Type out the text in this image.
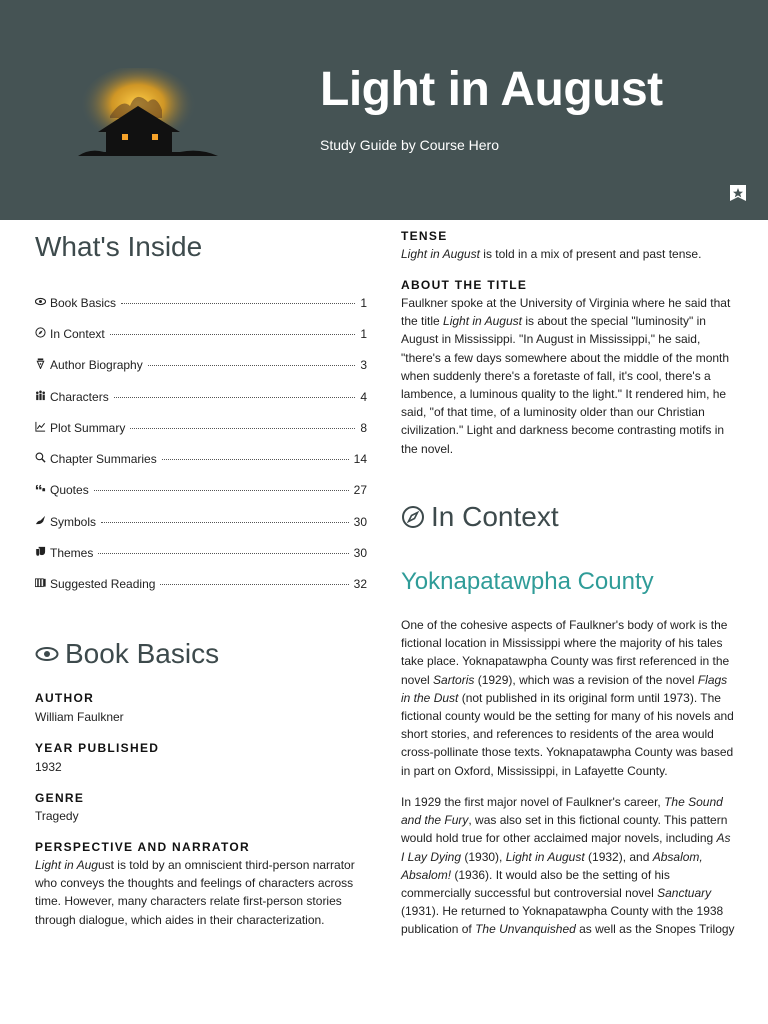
Light in August
Study Guide by Course Hero
What's Inside
Book Basics	1
In Context	1
Author Biography	3
Characters	4
Plot Summary	8
Chapter Summaries	14
Quotes	27
Symbols	30
Themes	30
Suggested Reading	32
Book Basics
AUTHOR
William Faulkner
YEAR PUBLISHED
1932
GENRE
Tragedy
PERSPECTIVE AND NARRATOR
Light in August is told by an omniscient third-person narrator who conveys the thoughts and feelings of characters across time. However, many characters relate first-person stories through dialogue, which aides in their characterization.
TENSE
Light in August is told in a mix of present and past tense.
ABOUT THE TITLE
Faulkner spoke at the University of Virginia where he said that the title Light in August is about the special "luminosity" in August in Mississippi. "In August in Mississippi," he said, "there's a few days somewhere about the middle of the month when suddenly there's a foretaste of fall, it's cool, there's a lambence, a luminous quality to the light." It rendered him, he said, "of that time, of a luminosity older than our Christian civilization." Light and darkness become contrasting motifs in the novel.
In Context
Yoknapatawpha County
One of the cohesive aspects of Faulkner's body of work is the fictional location in Mississippi where the majority of his tales take place. Yoknapatawpha County was first referenced in the novel Sartoris (1929), which was a revision of the novel Flags in the Dust (not published in its original form until 1973). The fictional county would be the setting for many of his novels and short stories, and references to residents of the area would cross-pollinate those texts. Yoknapatawpha County was based in part on Oxford, Mississippi, in Lafayette County.
In 1929 the first major novel of Faulkner's career, The Sound and the Fury, was also set in this fictional county. This pattern would hold true for other acclaimed major novels, including As I Lay Dying (1930), Light in August (1932), and Absalom, Absalom! (1936). It would also be the setting of his commercially successful but controversial novel Sanctuary (1931). He returned to Yoknapatawpha County with the 1938 publication of The Unvanquished as well as the Snopes Trilogy
